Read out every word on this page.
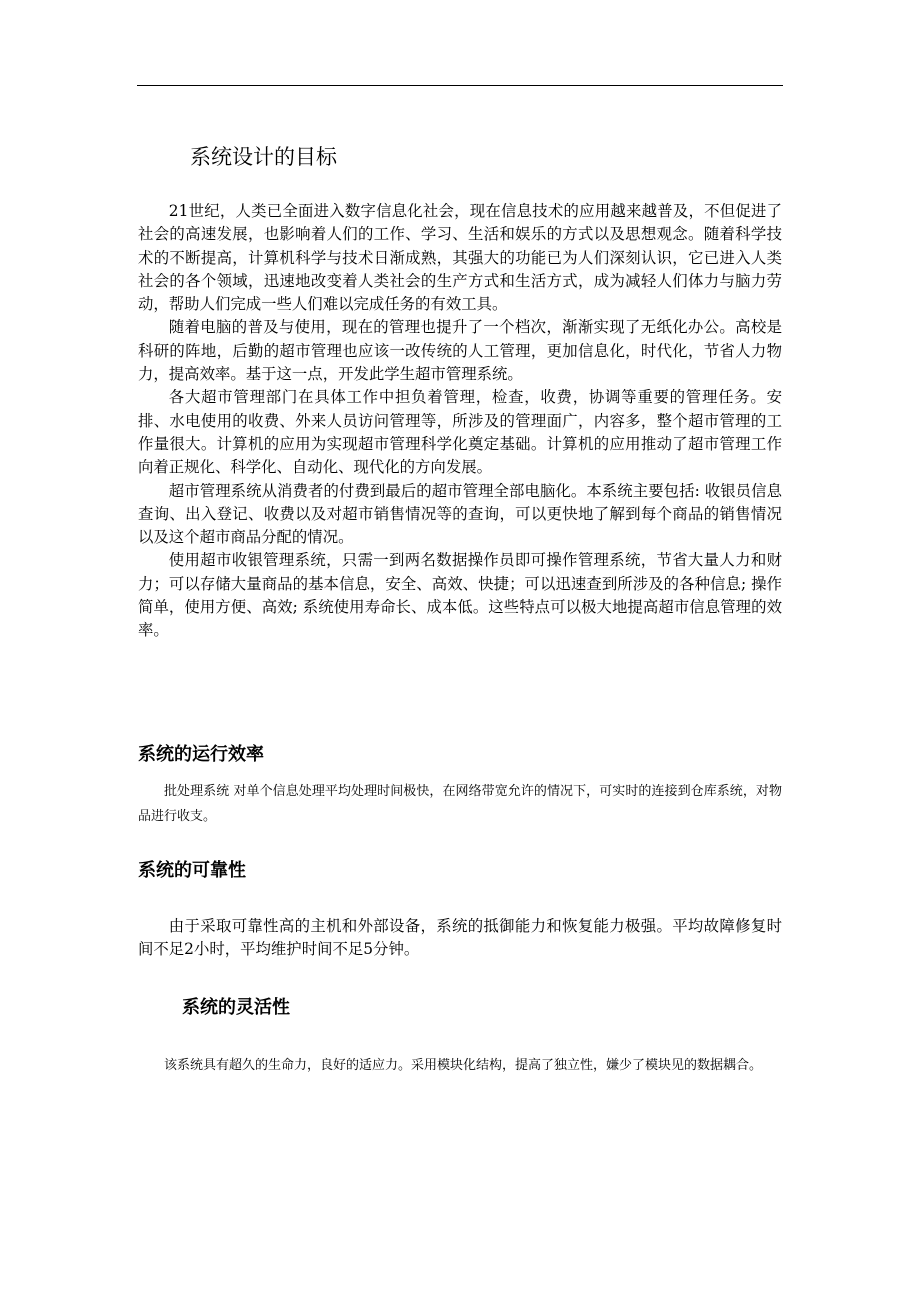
系统设计的目标

21世纪，人类已全面进入数字信息化社会，现在信息技术的应用越来越普及，不但促进了社会的高速发展，也影响着人们的工作、学习、生活和娱乐的方式以及思想观念。随着科学技术的不断提高，计算机科学与技术日渐成熟，其强大的功能已为人们深刻认识，它已进入人类社会的各个领域，迅速地改变着人类社会的生产方式和生活方式，成为减轻人们体力与脑力劳动，帮助人们完成一些人们难以完成任务的有效工具。

随着电脑的普及与使用，现在的管理也提升了一个档次，渐渐实现了无纸化办公。高校是科研的阵地，后勤的超市管理也应该一改传统的人工管理，更加信息化，时代化，节省人力物力，提高效率。基于这一点，开发此学生超市管理系统。

各大超市管理部门在具体工作中担负着管理，检查，收费，协调等重要的管理任务。安排、水电使用的收费、外来人员访问管理等，所涉及的管理面广，内容多，整个超市管理的工作量很大。计算机的应用为实现超市管理科学化奠定基础。计算机的应用推动了超市管理工作向着正规化、科学化、自动化、现代化的方向发展。

超市管理系统从消费者的付费到最后的超市管理全部电脑化。本系统主要包括: 收银员信息查询、出入登记、收费以及对超市销售情况等的查询，可以更快地了解到每个商品的销售情况以及这个超市商品分配的情况。

使用超市收银管理系统，只需一到两名数据操作员即可操作管理系统，节省大量人力和财力；可以存储大量商品的基本信息，安全、高效、快捷；可以迅速查到所涉及的各种信息; 操作简单，使用方便、高效; 系统使用寿命长、成本低。这些特点可以极大地提高超市信息管理的效率。

系统的运行效率

批处理系统 对单个信息处理平均处理时间极快，在网络带宽允许的情况下，可实时的连接到仓库系统，对物品进行收支。

系统的可靠性

由于采取可靠性高的主机和外部设备，系统的抵御能力和恢复能力极强。平均故障修复时间不足2小时，平均维护时间不足5分钟。

系统的灵活性

该系统具有超久的生命力，良好的适应力。采用模块化结构，提高了独立性，嫌少了模块见的数据耦合。
